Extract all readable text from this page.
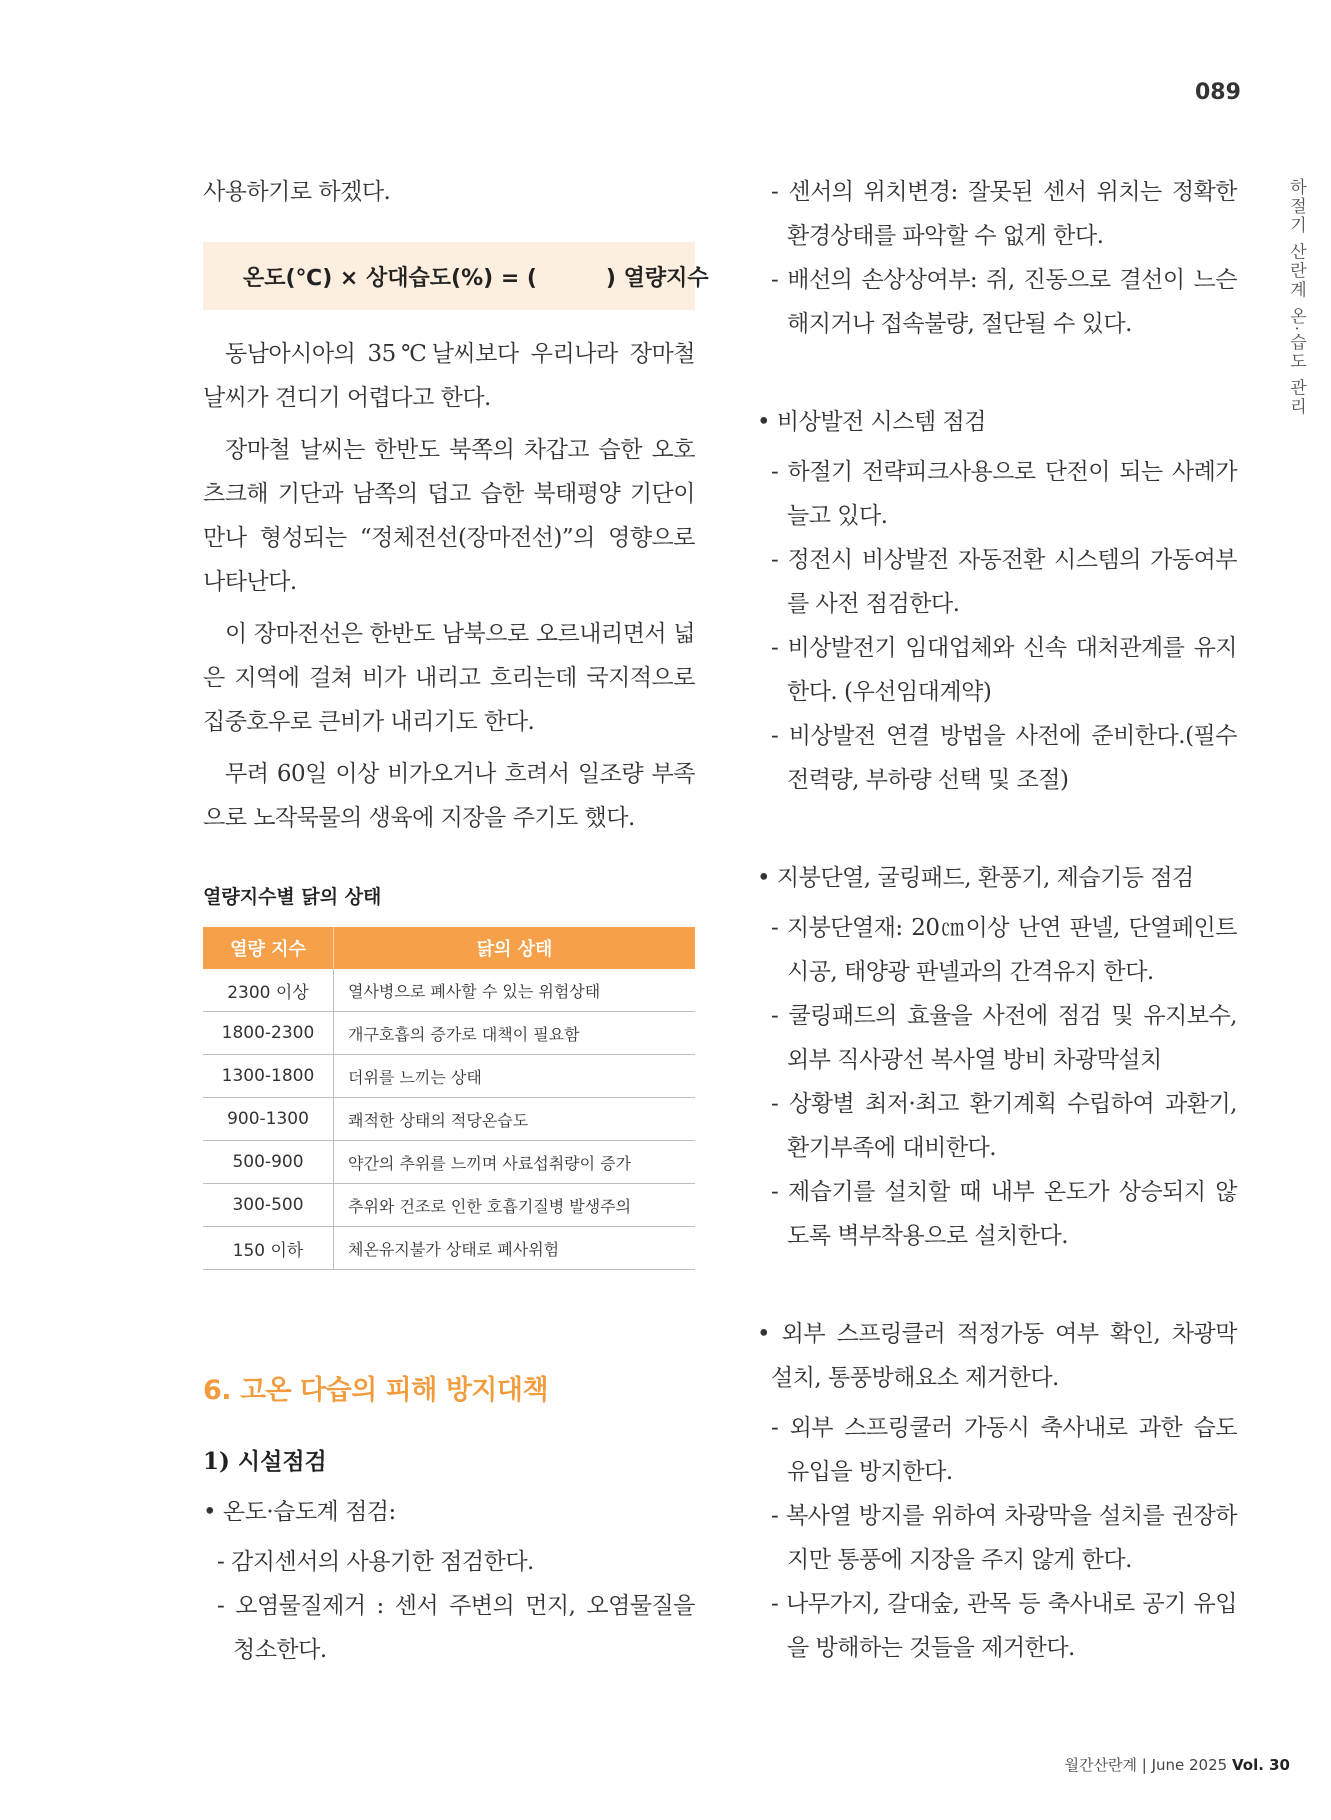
089
하절기 산란계 온·습도 관리

사용하기로 하겠다.

온도(℃) × 상대습도(%) = (         ) 열량지수

동남아시아의 35℃날씨보다 우리나라 장마철 날씨가 견디기 어렵다고 한다.

장마철 날씨는 한반도 북쪽의 차갑고 습한 오호츠크해 기단과 남쪽의 덥고 습한 북태평양 기단이 만나 형성되는 “정체전선(장마전선)”의 영향으로 나타난다.

이 장마전선은 한반도 남북으로 오르내리면서 넓은 지역에 걸쳐 비가 내리고 흐리는데 국지적으로 집중호우로 큰비가 내리기도 한다.

무려 60일 이상 비가오거나 흐려서 일조량 부족으로 노작묵물의 생육에 지장을 주기도 했다.

열량지수별 닭의 상태
열량 지수	닭의 상태
2300 이상	열사병으로 폐사할 수 있는 위험상태
1800-2300	개구호흡의 증가로 대책이 필요함
1300-1800	더위를 느끼는 상태
900-1300	쾌적한 상태의 적당온습도
500-900	약간의 추위를 느끼며 사료섭취량이 증가
300-500	추위와 건조로 인한 호흡기질병 발생주의
150 이하	체온유지불가 상태로 폐사위험
6. 고온 다습의 피해 방지대책
1) 시설점검

• 온도·습도계 점검:

- 감지센서의 사용기한 점검한다.

- 오염물질제거 : 센서 주변의 먼지, 오염물질을 청소한다.

- 센서의 위치변경: 잘못된 센서 위치는 정확한 환경상태를 파악할 수 없게 한다.

- 배선의 손상상여부: 쥐, 진동으로 결선이 느슨해지거나 접속불량, 절단될 수 있다.

• 비상발전 시스템 점검

- 하절기 전략피크사용으로 단전이 되는 사례가 늘고 있다.

- 정전시 비상발전 자동전환 시스템의 가동여부를 사전 점검한다.

- 비상발전기 임대업체와 신속 대처관계를 유지한다. (우선임대계약)

- 비상발전 연결 방법을 사전에 준비한다.(필수 전력량, 부하량 선택 및 조절)

• 지붕단열, 굴링패드, 환풍기, 제습기등 점검

- 지붕단열재: 20㎝이상 난연 판넬, 단열페인트 시공, 태양광 판넬과의 간격유지 한다.

- 쿨링패드의 효율을 사전에 점검 및 유지보수, 외부 직사광선 복사열 방비 차광막설치

- 상황별 최저·최고 환기계획 수립하여 과환기, 환기부족에 대비한다.

- 제습기를 설치할 때 내부 온도가 상승되지 않도록 벽부착용으로 설치한다.

• 외부 스프링클러 적정가동 여부 확인, 차광막 설치, 통풍방해요소 제거한다.

- 외부 스프링쿨러 가동시 축사내로 과한 습도 유입을 방지한다.

- 복사열 방지를 위하여 차광막을 설치를 권장하지만 통풍에 지장을 주지 않게 한다.

- 나무가지, 갈대숲, 관목 등 축사내로 공기 유입을 방해하는 것들을 제거한다.

월간산란계 | June 2025 Vol. 30
